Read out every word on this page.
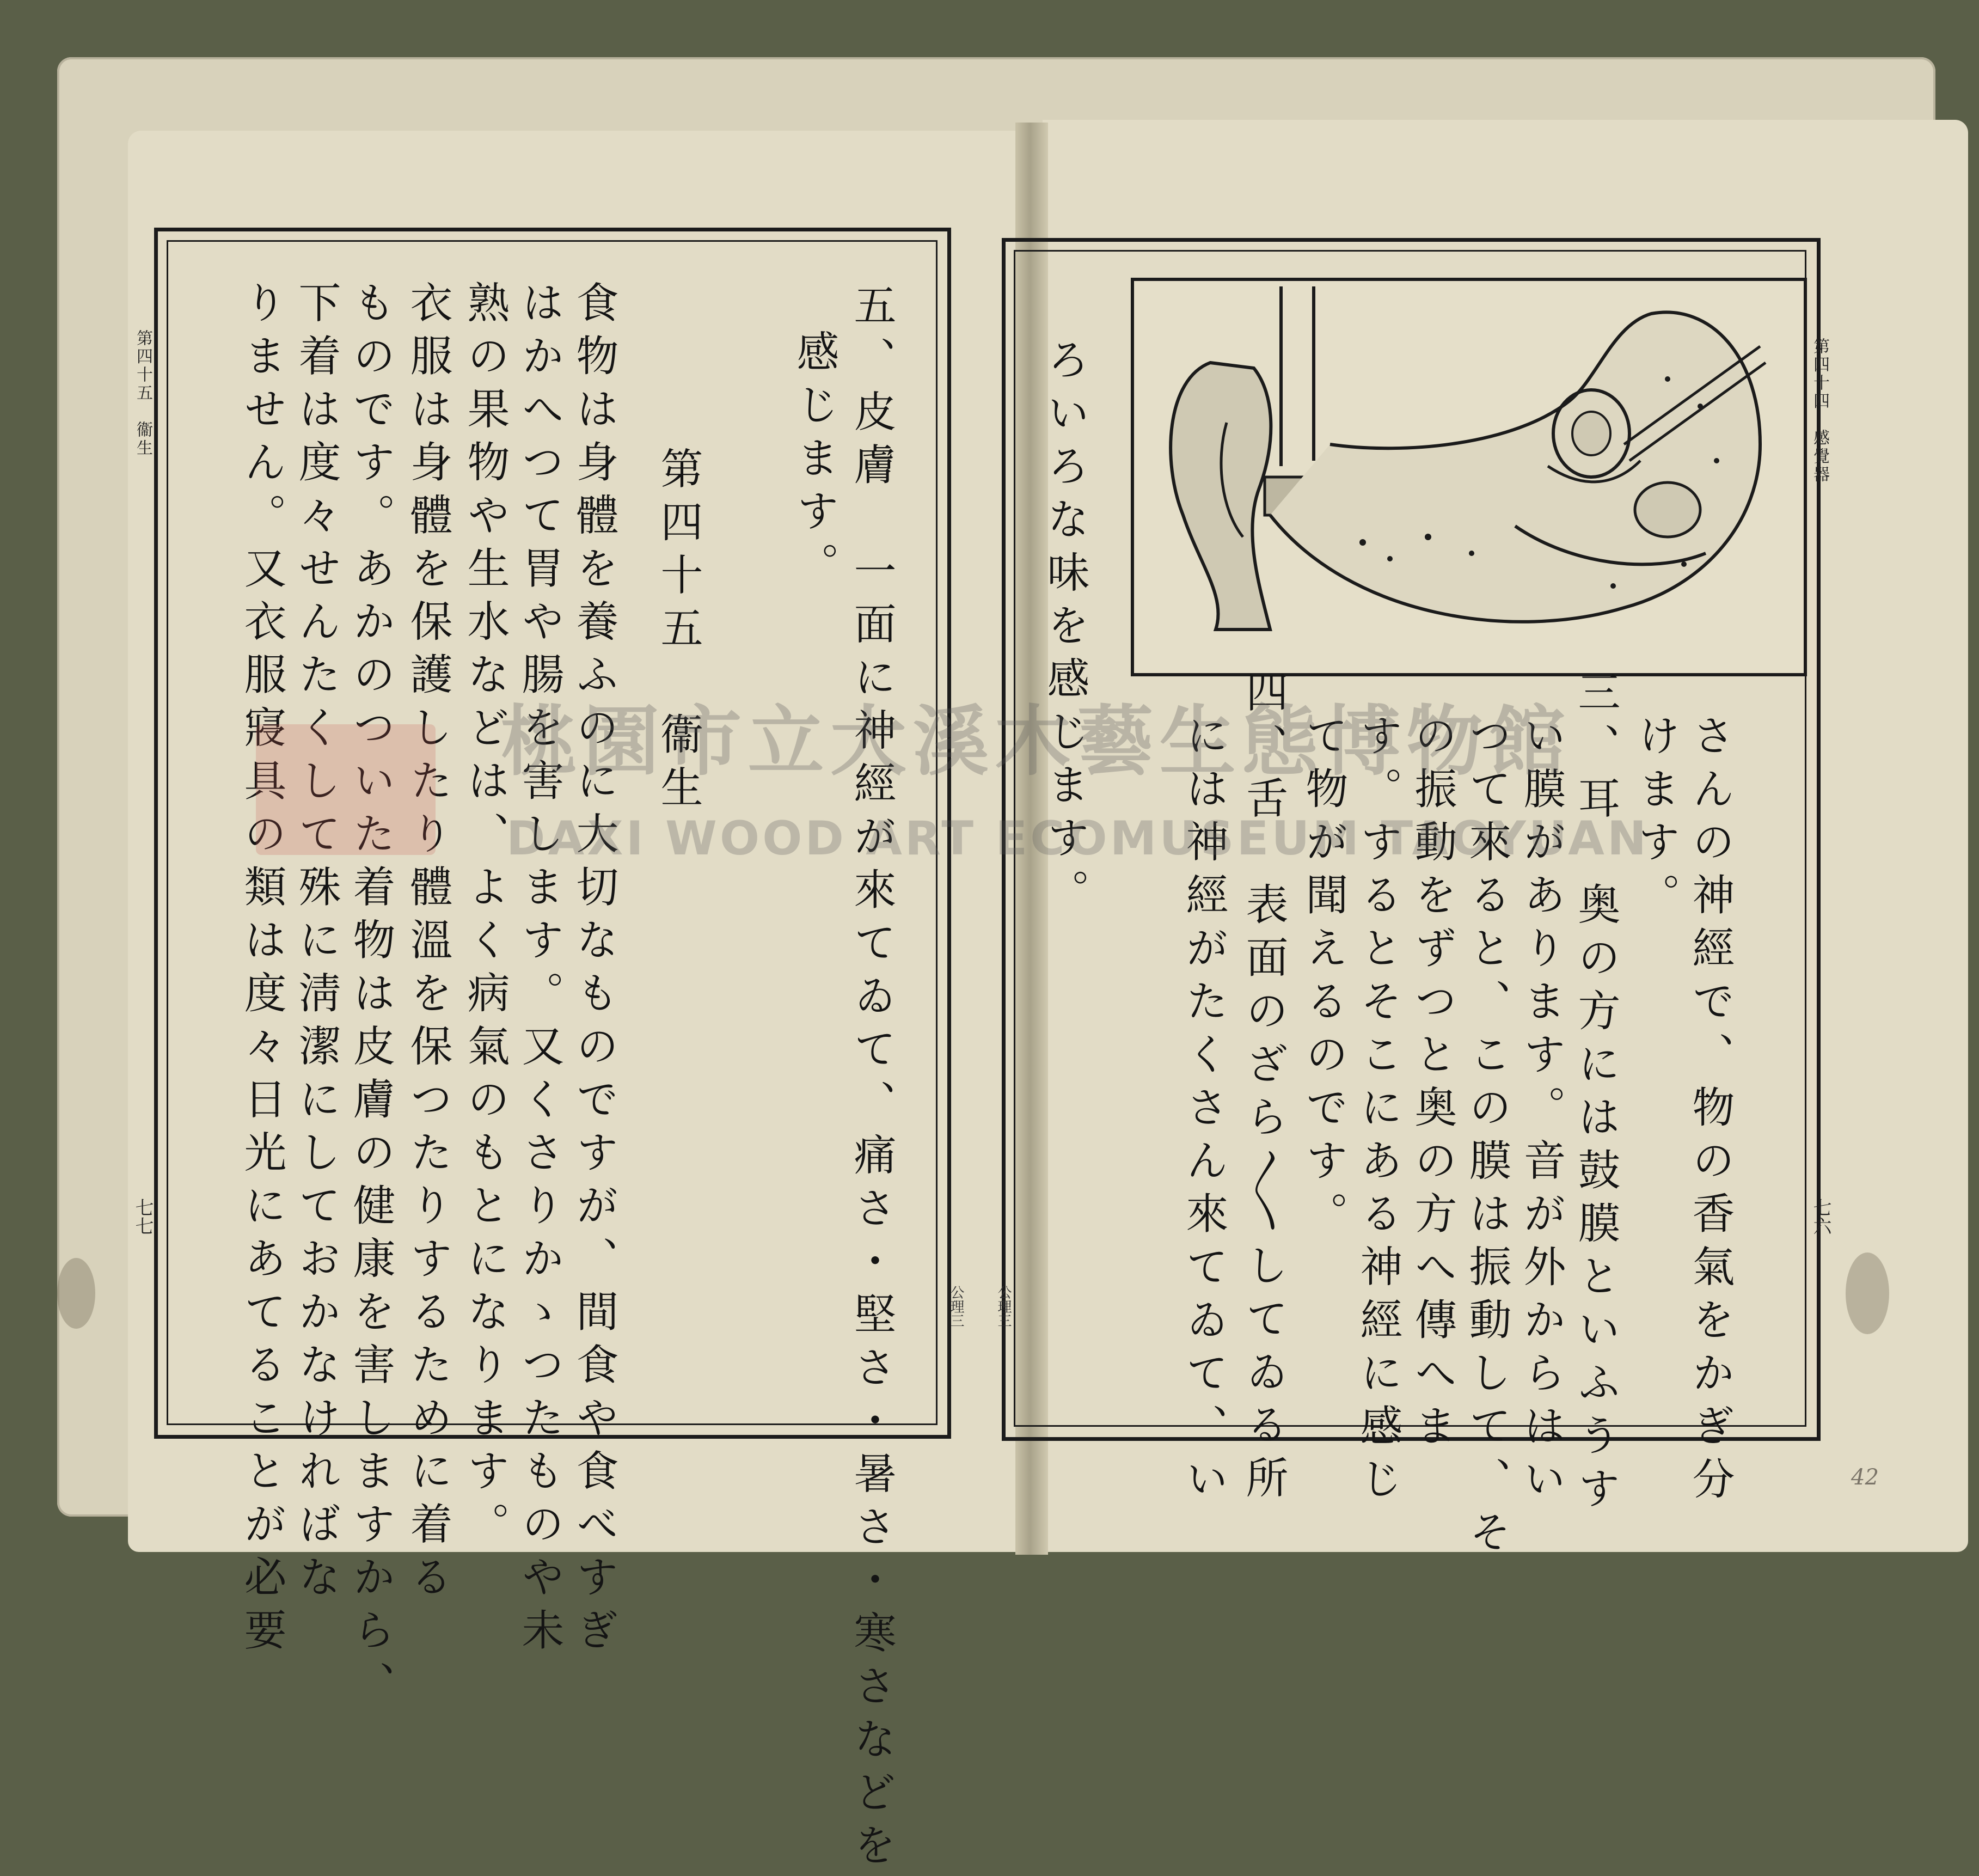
第四十五　衞生
七七
公理三
五、皮膚　一面に神經が來てゐて、痛さ・堅さ・暑さ・寒さなどを
感じます。
第四十五　衞生
食物は身體を養ふのに大切なものですが、間食や食べすぎ
はかへつて胃や腸を害します。又くさりかゝつたものや未
熟の果物や生水などは、よく病氣のもとになります。
衣服は身體を保護したり體溫を保つたりするために着る
ものです。あかのついた着物は皮膚の健康を害しますから、
下着は度々せんたくして殊に淸潔にしておかなければな
りません。又衣服寢具の類は度々日光にあてることが必要	第四十四　感覺器
七六
公理三
42
ろいろな味を感じます。
さんの神經で、物の香氣をかぎ分
けます。
三、耳　奥の方には鼓膜といふうす
い膜があります。音が外からはい
つて來ると、この膜は振動して、そ
の振動をずつと奥の方へ傳へま
す。するとそこにある神經に感じ
て物が聞えるのです。
四、舌　表面のざら〳〵してゐる所
には神經がたくさん來てゐて、い
桃園市立大溪木藝生態博物館
DAXI WOOD ART ECOMUSEUM TAOYUAN
